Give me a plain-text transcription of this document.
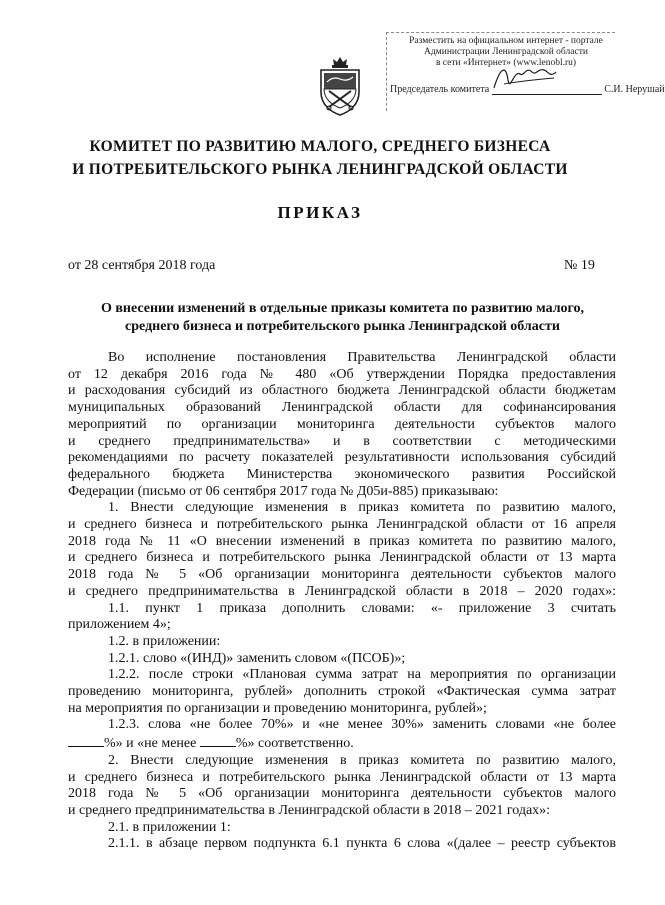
Разместить на официальном интернет - портале
Администрации Ленинградской области
в сети «Интернет» (www.lenobl.ru)
Председатель комитета	С.И. Нерушай
КОМИТЕТ ПО РАЗВИТИЮ МАЛОГО, СРЕДНЕГО БИЗНЕСА
И ПОТРЕБИТЕЛЬСКОГО РЫНКА ЛЕНИНГРАДСКОЙ ОБЛАСТИ
ПРИКАЗ
от 28 сентября 2018 года	№ 19
О внесении изменений в отдельные приказы комитета по развитию малого,
среднего бизнеса и потребительского рынка Ленинградской области

Во исполнение постановления Правительства Ленинградской области

от 12 декабря 2016 года № 480 «Об утверждении Порядка предоставления

и расходования субсидий из областного бюджета Ленинградской области бюджетам

муниципальных образований Ленинградской области для софинансирования

мероприятий по организации мониторинга деятельности субъектов малого

и среднего предпринимательства» и в соответствии с методическими

рекомендациями по расчету показателей результативности использования субсидий

федерального бюджета Министерства экономического развития Российской

Федерации (письмо от 06 сентября 2017 года № Д05и-885) приказываю:

1. Внести следующие изменения в приказ комитета по развитию малого,

и среднего бизнеса и потребительского рынка Ленинградской области от 16 апреля

2018 года № 11 «О внесении изменений в приказ комитета по развитию малого,

и среднего бизнеса и потребительского рынка Ленинградской области от 13 марта

2018 года № 5 «Об организации мониторинга деятельности субъектов малого

и среднего предпринимательства в Ленинградской области в 2018 – 2020 годах»:

1.1. пункт 1 приказа дополнить словами: «- приложение 3 считать

приложением 4»;

1.2. в приложении:

1.2.1. слово «(ИНД)» заменить словом «(ПСОБ)»;

1.2.2. после строки «Плановая сумма затрат на мероприятия по организации

проведению мониторинга, рублей» дополнить строкой «Фактическая сумма затрат

на мероприятия по организации и проведению мониторинга, рублей»;

1.2.3. слова «не более 70%» и «не менее 30%» заменить словами «не более

%» и «не менее	%» соответственно.

2. Внести следующие изменения в приказ комитета по развитию малого,

и среднего бизнеса и потребительского рынка Ленинградской области от 13 марта

2018 года № 5 «Об организации мониторинга деятельности субъектов малого

и среднего предпринимательства в Ленинградской области в 2018 – 2021 годах»:

2.1. в приложении 1:

2.1.1. в абзаце первом подпункта 6.1 пункта 6 слова «(далее – реестр субъектов
